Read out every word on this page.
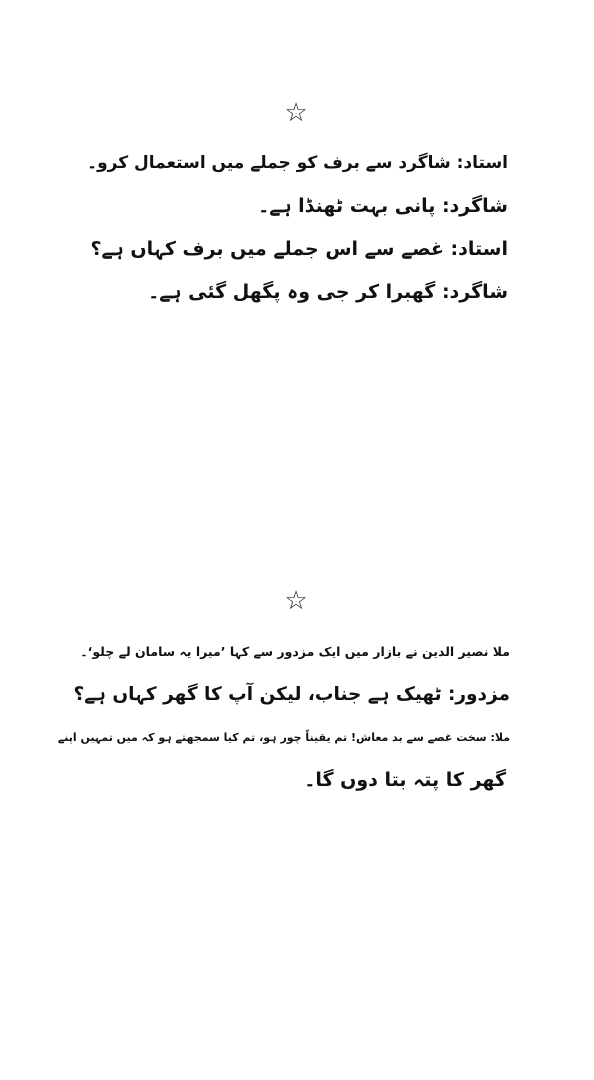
☆
استاد: شاگرد سے برف کو جملے میں استعمال کرو۔
شاگرد: پانی بہت ٹھنڈا ہے۔
استاد: غصے سے اس جملے میں برف کہاں ہے؟
شاگرد: گھبرا کر جی وہ پگھل گئی ہے۔
☆
ملا نصیر الدین نے بازار میں ایک مزدور سے کہا ’میرا یہ سامان لے چلو‘۔
مزدور: ٹھیک ہے جناب، لیکن آپ کا گھر کہاں ہے؟
ملا: سخت غصے سے بد معاش! تم یقیناً چور ہو، تم کیا سمجھتے ہو کہ میں تمہیں اپنے
گھر کا پتہ بتا دوں گا۔
